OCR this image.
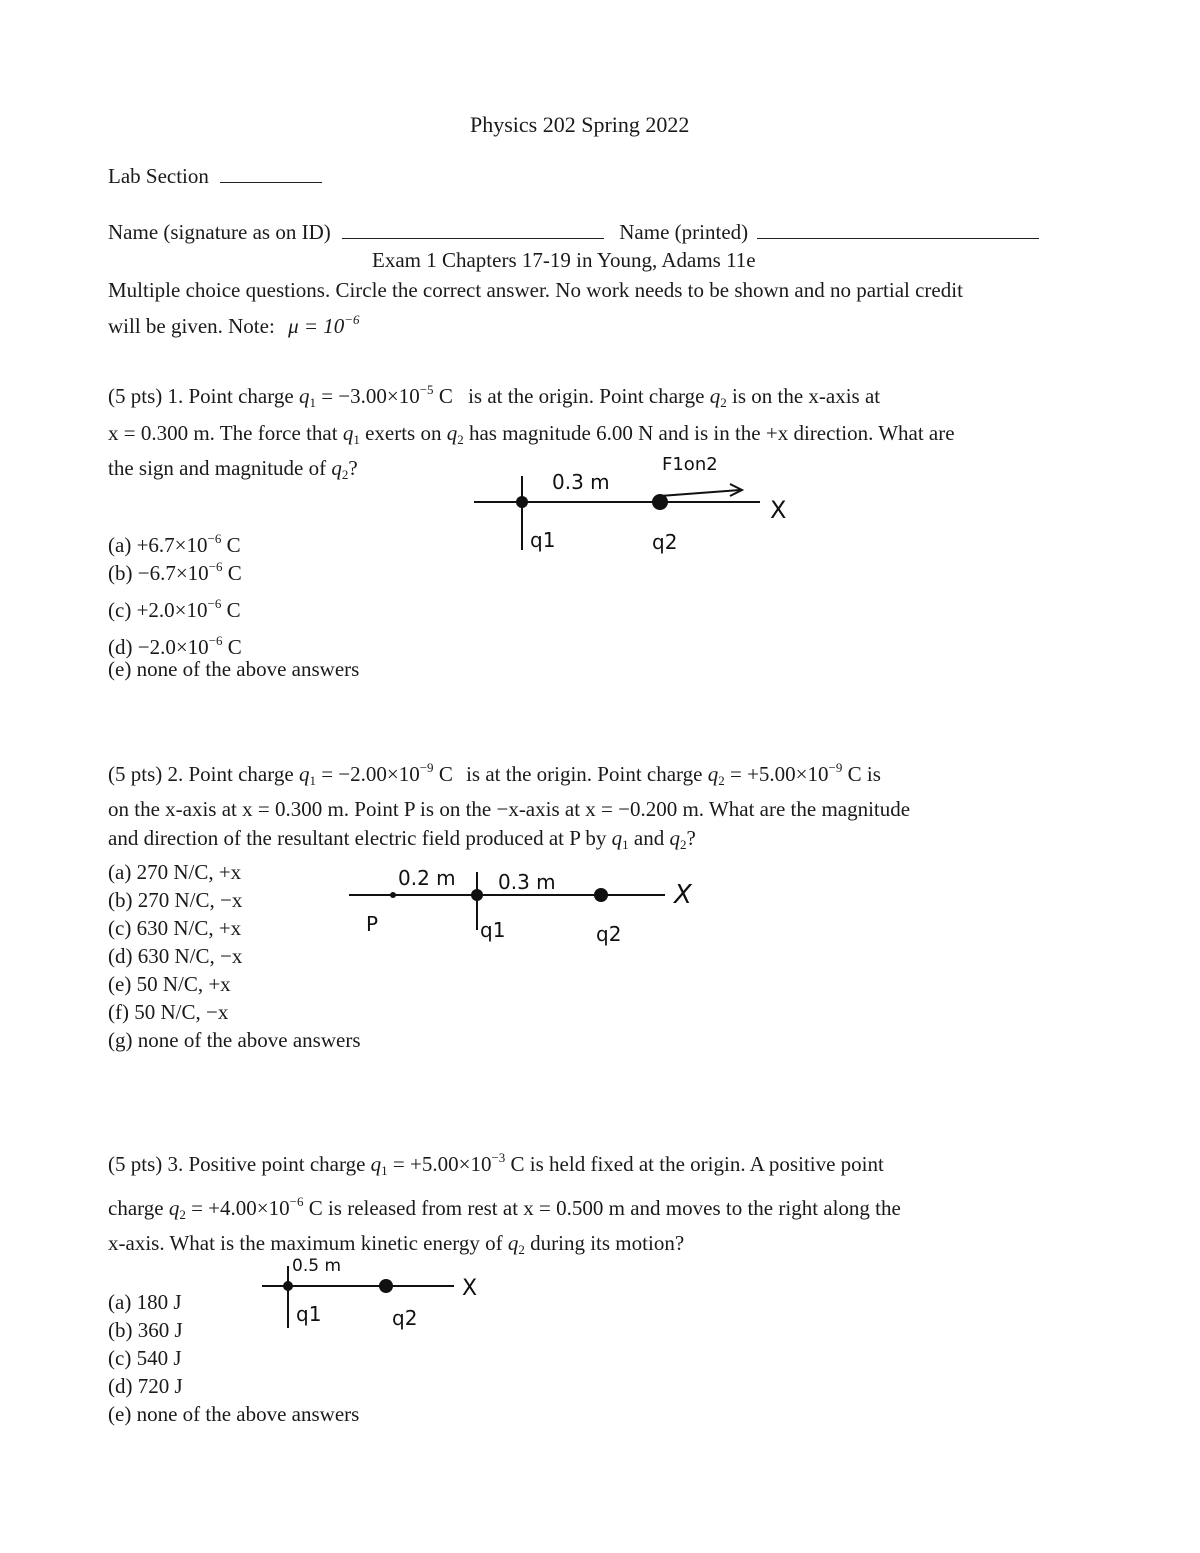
Physics 202 Spring 2022
Lab Section
Name (signature as on ID)	Name (printed)
Exam 1 Chapters 17-19 in Young, Adams 11e
Multiple choice questions. Circle the correct answer. No work needs to be shown and no partial credit
will be given. Note: $\mu = 10^{-6}$
(5 pts) 1. Point charge $q_1 = -3.00\times 10^{-5}$ C is at the origin. Point charge $q_2$ is on the x-axis at
x = 0.300 m. The force that $q_1$ exerts on $q_2$ has magnitude 6.00 N and is in the +x direction. What are
the sign and magnitude of $q_2$?
0.3 m
F1on2
X
q1	q2
$(a) +6.7\times 10^{-6}$ C
$(b) -6.7\times 10^{-6}$ C
$(c) +2.0\times 10^{-6}$ C
$(d) -2.0\times 10^{-6}$ C
(e) none of the above answers
(5 pts) 2. Point charge $q_1 = -2.00\times 10^{-9}$ C is at the origin. Point charge $q_2 = +5.00\times 10^{-9}$ C is
on the x-axis at x = 0.300 m. Point P is on the −x-axis at x = −0.200 m. What are the magnitude
and direction of the resultant electric field produced at P by $q_1$ and $q_2$?
0.2 m 0.3 m	X
P	q1	q2
(a) 270 N/C, +x
(b) 270 N/C, −x
(c) 630 N/C, +x
(d) 630 N/C, −x
(e) 50 N/C, +x
(f) 50 N/C, −x
(g) none of the above answers
(5 pts) 3. Positive point charge $q_1 = +5.00\times 10^{-3}$ C is held fixed at the origin. A positive point
charge $q_2 = +4.00\times 10^{-6}$ C is released from rest at x = 0.500 m and moves to the right along the
x-axis. What is the maximum kinetic energy of $q_2$ during its motion?
0.5 m
X
q1	q2
(a) 180 J
(b) 360 J
(c) 540 J
(d) 720 J
(e) none of the above answers
